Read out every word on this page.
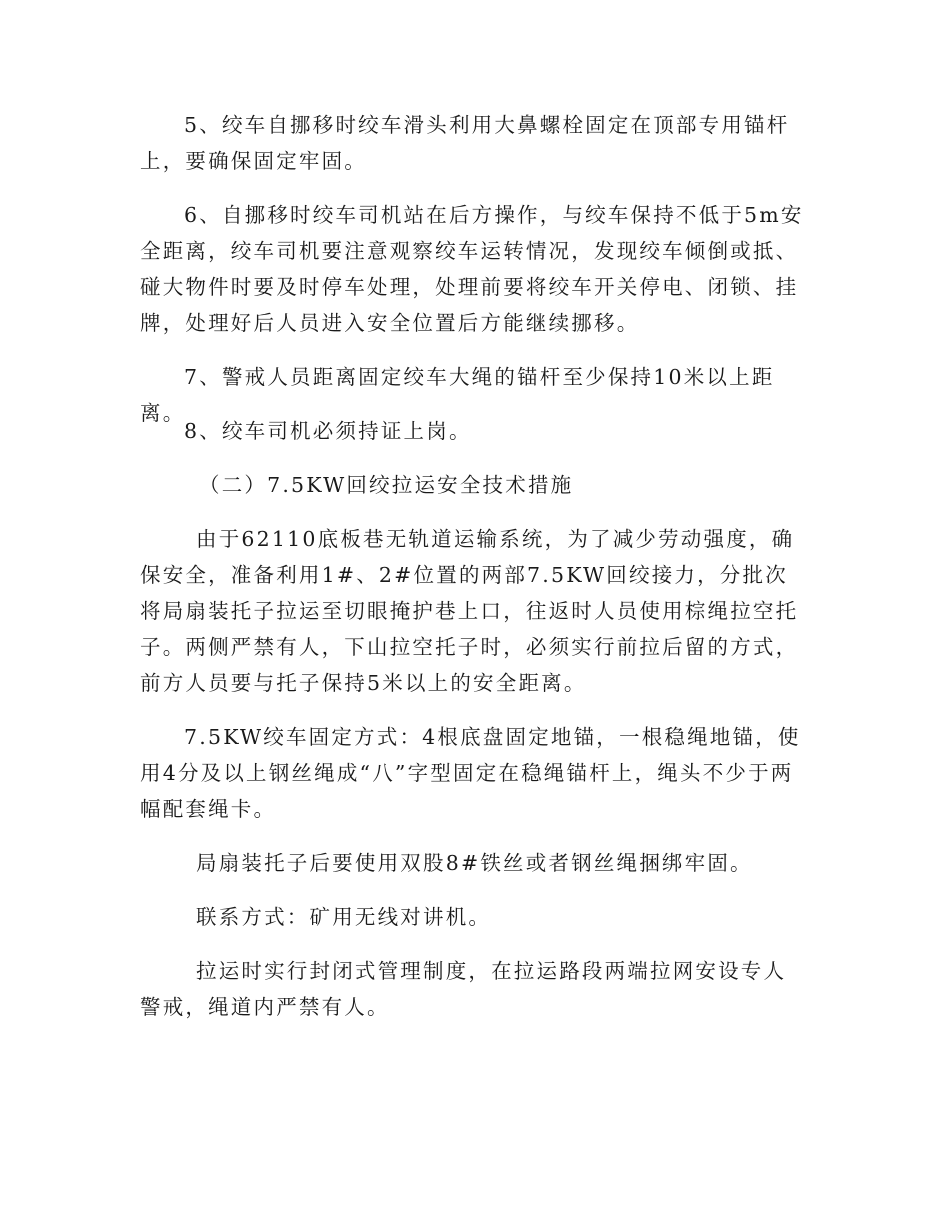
5、绞车自挪移时绞车滑头利用大鼻螺栓固定在顶部专用锚杆上，要确保固定牢固。

6、自挪移时绞车司机站在后方操作，与绞车保持不低于5m安全距离，绞车司机要注意观察绞车运转情况，发现绞车倾倒或抵、碰大物件时要及时停车处理，处理前要将绞车开关停电、闭锁、挂牌，处理好后人员进入安全位置后方能继续挪移。

7、警戒人员距离固定绞车大绳的锚杆至少保持10米以上距离。

8、绞车司机必须持证上岗。

（二）7.5KW回绞拉运安全技术措施

由于62110底板巷无轨道运输系统，为了减少劳动强度，确保安全，准备利用1#、2#位置的两部7.5KW回绞接力，分批次将局扇装托子拉运至切眼掩护巷上口，往返时人员使用棕绳拉空托子。两侧严禁有人，下山拉空托子时，必须实行前拉后留的方式，前方人员要与托子保持5米以上的安全距离。

7.5KW绞车固定方式：4根底盘固定地锚，一根稳绳地锚，使用4分及以上钢丝绳成“八”字型固定在稳绳锚杆上，绳头不少于两幅配套绳卡。

局扇装托子后要使用双股8#铁丝或者钢丝绳捆绑牢固。

联系方式：矿用无线对讲机。

拉运时实行封闭式管理制度，在拉运路段两端拉网安设专人警戒，绳道内严禁有人。
